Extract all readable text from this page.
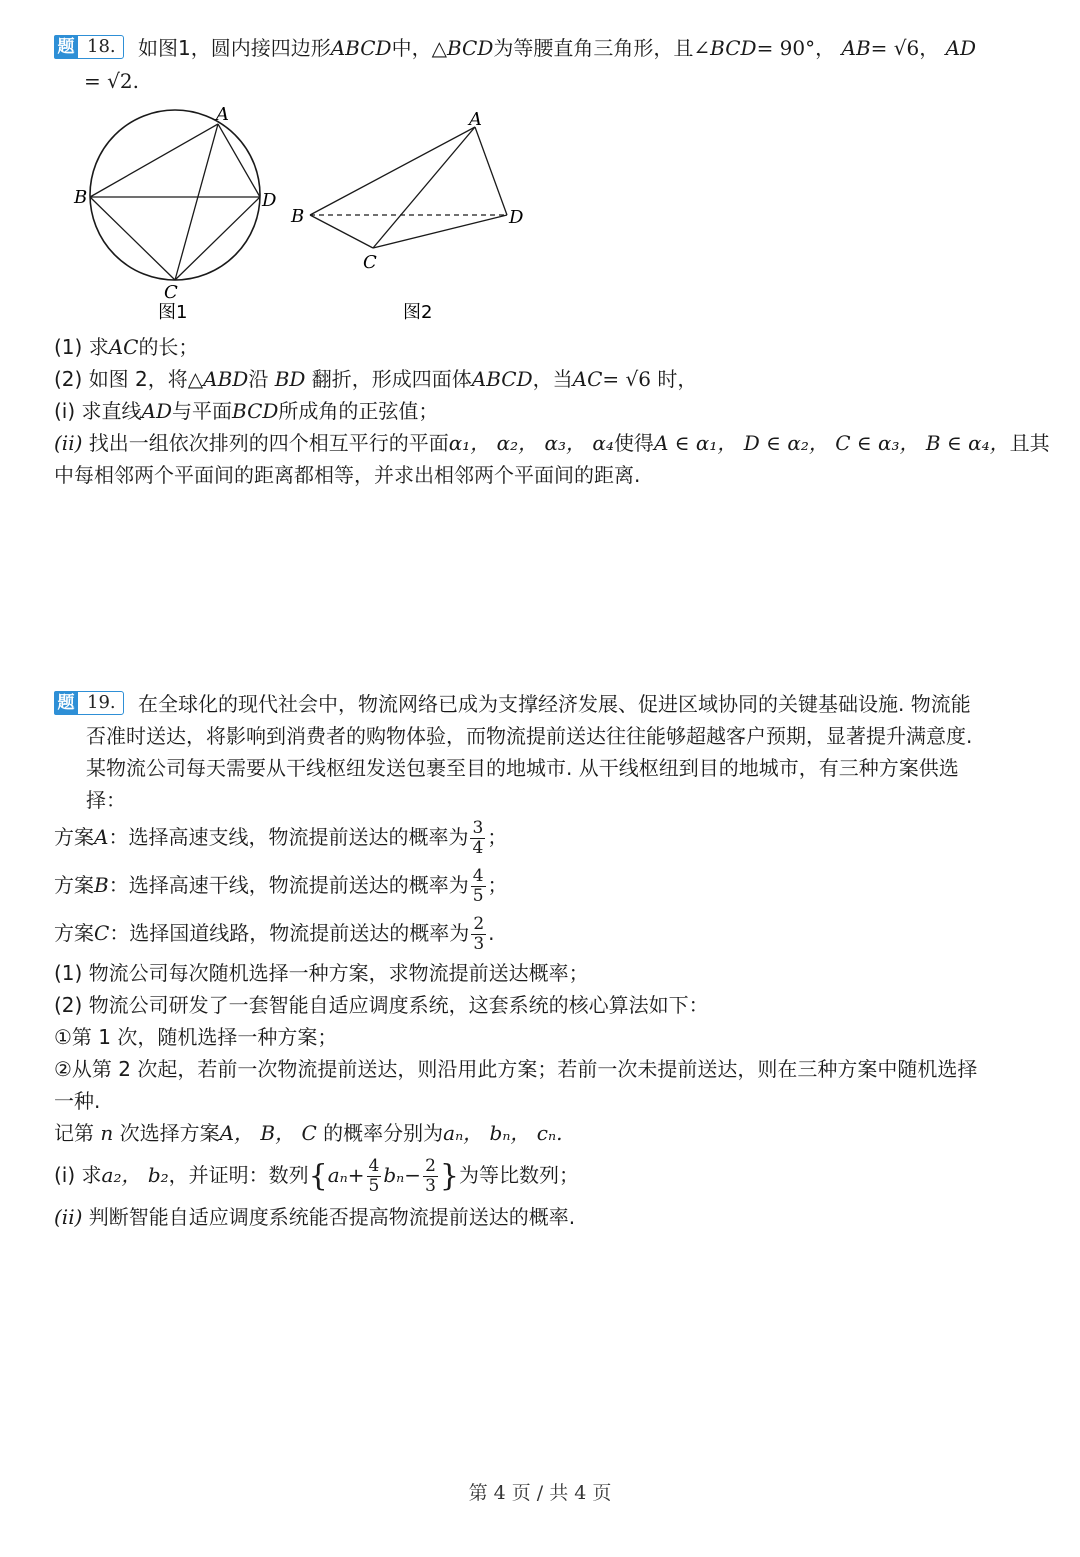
题 18. 如图1，圆内接四边形ABCD中，△BCD为等腰直角三角形，且∠BCD= 90°， AB= √6， AD
= √2.
A
B
C
D
图1
A
B
C
D
图2
(1) 求AC的长；
(2) 如图 2，将△ABD沿 BD 翻折，形成四面体ABCD，当AC= √6 时，
(i) 求直线AD与平面BCD所成角的正弦值；
(ii) 找出一组依次排列的四个相互平行的平面α₁， α₂， α₃， α₄使得A ∈ α₁， D ∈ α₂， C ∈ α₃， B ∈ α₄，且其
中每相邻两个平面间的距离都相等，并求出相邻两个平面间的距离.
题 19. 在全球化的现代社会中，物流网络已成为支撑经济发展、促进区域协同的关键基础设施. 物流能
否准时送达，将影响到消费者的购物体验，而物流提前送达往往能够超越客户预期，显著提升满意度.
某物流公司每天需要从干线枢纽发送包裹至目的地城市. 从干线枢纽到目的地城市，有三种方案供选
择：
方案A：选择高速支线，物流提前送达的概率为 $\frac{3}{4}$ ；
方案B：选择高速干线，物流提前送达的概率为 $\frac{4}{5}$ ；
方案C：选择国道线路，物流提前送达的概率为 $\frac{2}{3}$ .
(1) 物流公司每次随机选择一种方案，求物流提前送达概率；
(2) 物流公司研发了一套智能自适应调度系统，这套系统的核心算法如下：
①第 1 次，随机选择一种方案；
②从第 2 次起，若前一次物流提前送达，则沿用此方案；若前一次未提前送达，则在三种方案中随机选择
一种.
记第 n 次选择方案A， B， C 的概率分别为aₙ， bₙ， cₙ.
(i) 求a₂， b₂，并证明：数列{$a_n+ \frac{4}{5} b_n- \frac{2}{3}$ }为等比数列；
(ii) 判断智能自适应调度系统能否提高物流提前送达的概率.
第 4 页 / 共 4 页
